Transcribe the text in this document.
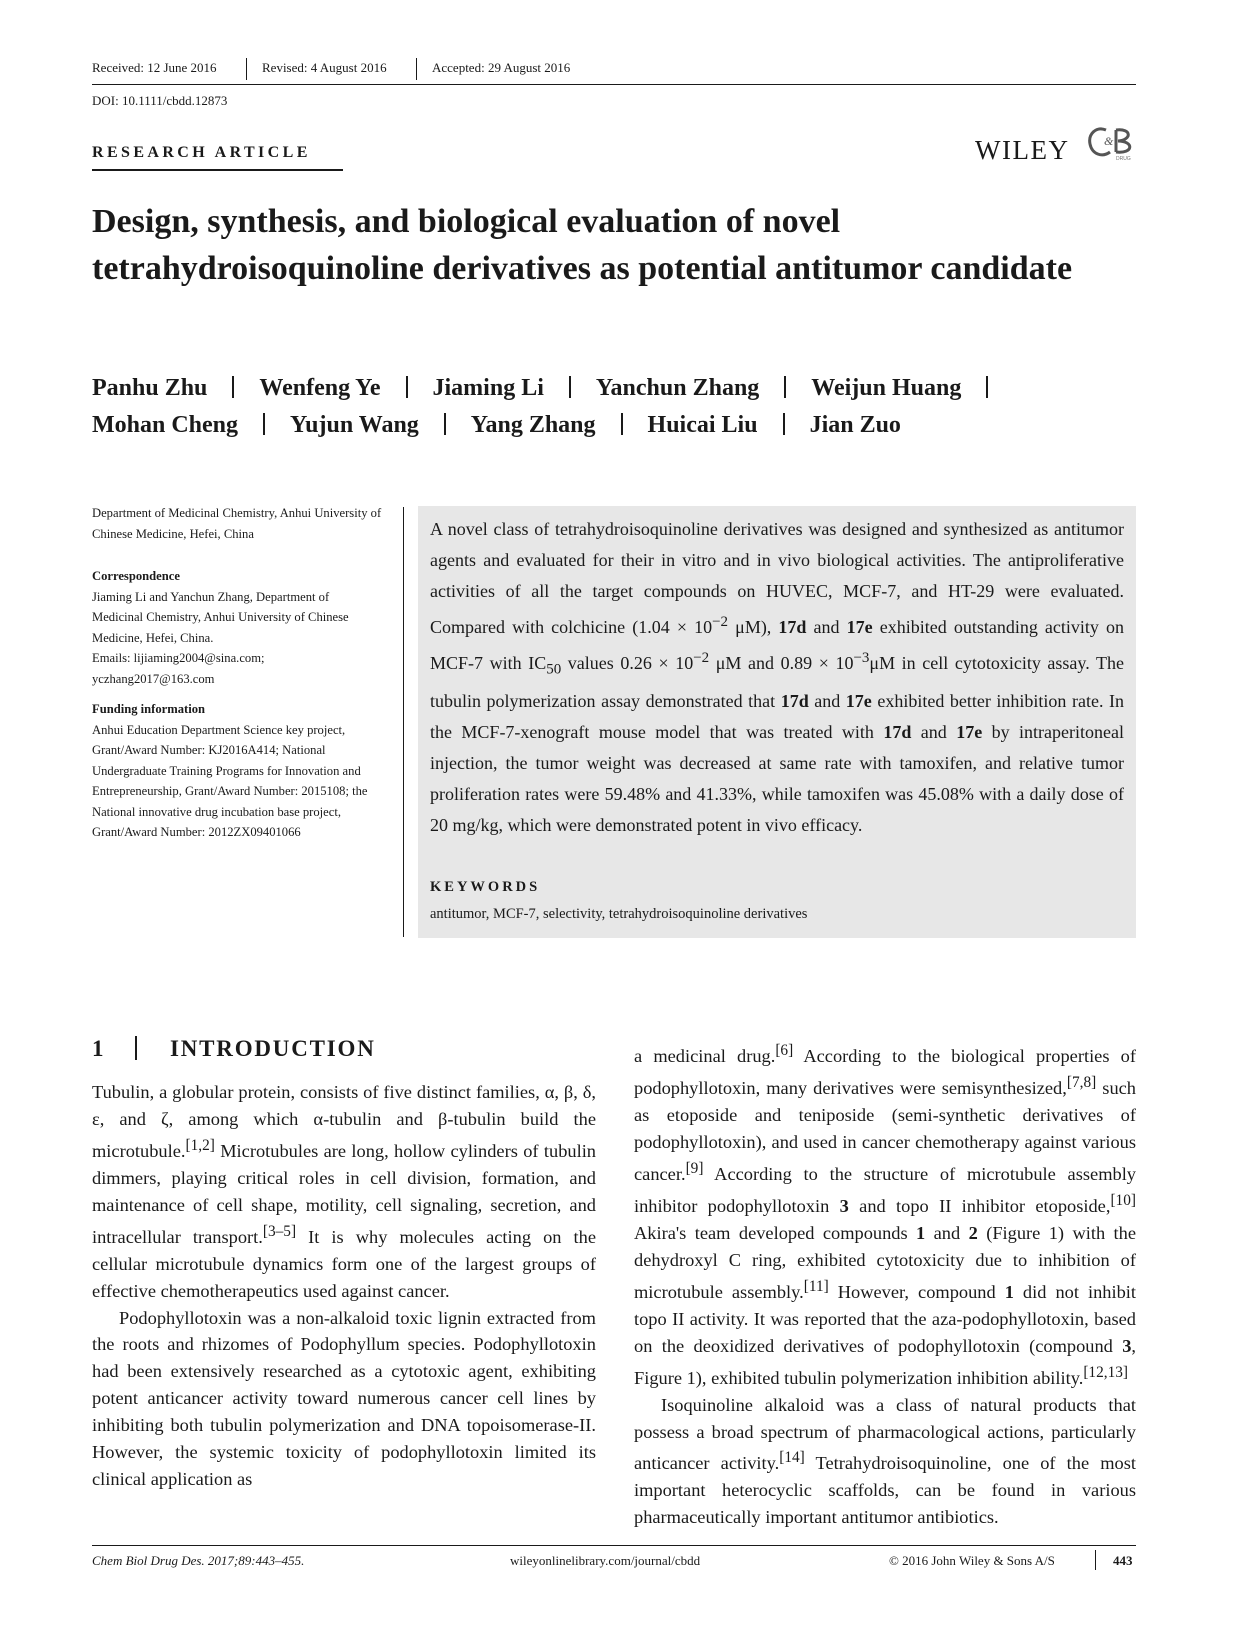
Received: 12 June 2016	Revised: 4 August 2016	Accepted: 29 August 2016
DOI: 10.1111/cbdd.12873
RESEARCH ARTICLE	WILEY	&
DRUG
Design, synthesis, and biological evaluation of novel tetrahydroisoquinoline derivatives as potential antitumor candidate
Panhu Zhu Wenfeng Ye Jiaming Li Yanchun Zhang Weijun Huang
Mohan Cheng Yujun Wang Yang Zhang Huicai Liu Jian Zuo

Department of Medicinal Chemistry, Anhui University of Chinese Medicine, Hefei, China

Correspondence

Jiaming Li and Yanchun Zhang, Department of Medicinal Chemistry, Anhui University of Chinese Medicine, Hefei, China.

Emails: lijiaming2004@sina.com; yczhang2017@163.com

Funding information

Anhui Education Department Science key project, Grant/Award Number: KJ2016A414; National Undergraduate Training Programs for Innovation and Entrepreneurship, Grant/Award Number: 2015108; the National innovative drug incubation base project, Grant/Award Number: 2012ZX09401066

A novel class of tetrahydroisoquinoline derivatives was designed and synthesized as antitumor agents and evaluated for their in vitro and in vivo biological activities. The antiproliferative activities of all the target compounds on HUVEC, MCF-7, and HT-29 were evaluated. Compared with colchicine ($1.04 \times 10^{-2}$ μM), 17d and 17e exhibited outstanding activity on MCF-7 with $IC_{50}$ values $0.26 \times 10^{-2}$ μM and $0.89 \times 10^{-3}\mu M$ in cell cytotoxicity assay. The tubulin polymerization assay demonstrated that 17d and 17e exhibited better inhibition rate. In the MCF-7-xenograft mouse model that was treated with 17d and 17e by intraperitoneal injection, the tumor weight was decreased at same rate with tamoxifen, and relative tumor proliferation rates were 59.48% and 41.33%, while tamoxifen was 45.08% with a daily dose of 20 mg/kg, which were demonstrated potent in vivo efficacy.
KEYWORDS
antitumor, MCF-7, selectivity, tetrahydroisoquinoline derivatives
1	INTRODUCTION

Tubulin, a globular protein, consists of five distinct families, α, β, δ, ε, and ζ, among which α-tubulin and β-tubulin build the microtubule.[1,2] Microtubules are long, hollow cylinders of tubulin dimmers, playing critical roles in cell division, formation, and maintenance of cell shape, motility, cell signaling, secretion, and intracellular transport.[3–5] It is why molecules acting on the cellular microtubule dynamics form one of the largest groups of effective chemotherapeutics used against cancer.

Podophyllotoxin was a non-alkaloid toxic lignin extracted from the roots and rhizomes of Podophyllum species. Podophyllotoxin had been extensively researched as a cytotoxic agent, exhibiting potent anticancer activity toward numerous cancer cell lines by inhibiting both tubulin polymerization and DNA topoisomerase-II. However, the systemic toxicity of podophyllotoxin limited its clinical application as

a medicinal drug.[6] According to the biological properties of podophyllotoxin, many derivatives were semisynthesized,[7,8] such as etoposide and teniposide (semi-synthetic derivatives of podophyllotoxin), and used in cancer chemotherapy against various cancer.[9] According to the structure of microtubule assembly inhibitor podophyllotoxin 3 and topo II inhibitor etoposide,[10] Akira's team developed compounds 1 and 2 (Figure 1) with the dehydroxyl C ring, exhibited cytotoxicity due to inhibition of microtubule assembly.[11] However, compound 1 did not inhibit topo II activity. It was reported that the aza-podophyllotoxin, based on the deoxidized derivatives of podophyllotoxin (compound 3, Figure 1), exhibited tubulin polymerization inhibition ability.[12,13]

Isoquinoline alkaloid was a class of natural products that possess a broad spectrum of pharmacological actions, particularly anticancer activity.[14] Tetrahydroisoquinoline, one of the most important heterocyclic scaffolds, can be found in various pharmaceutically important antitumor antibiotics.

Chem Biol Drug Des. 2017;89:443–455.	wileyonlinelibrary.com/journal/cbdd	© 2016 John Wiley & Sons A/S	443
